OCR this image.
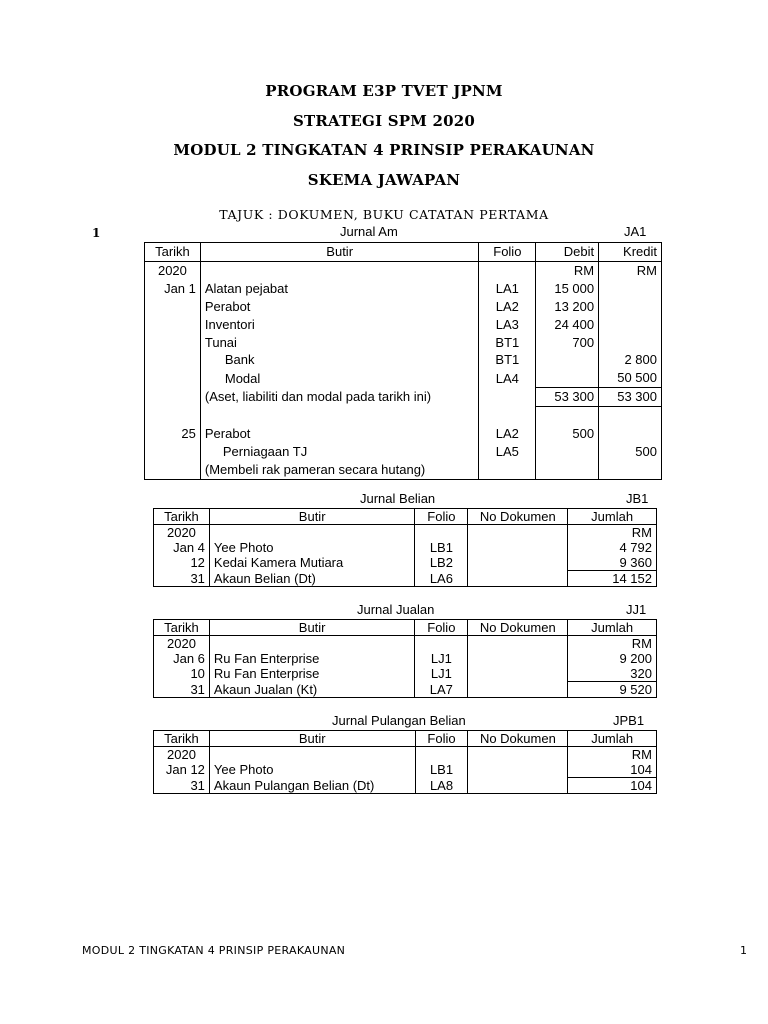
PROGRAM E3P TVET JPNM
STRATEGI SPM 2020
MODUL 2 TINGKATAN 4 PRINSIP PERAKAUNAN
SKEMA JAWAPAN
TAJUK : DOKUMEN, BUKU CATATAN PERTAMA
1	Jurnal Am	JA1
Tarikh	Butir	Folio	Debit	Kredit
2020			RM	RM
Jan 1	Alatan pejabat	LA1	15 000	
	Perabot	LA2	13 200	
	Inventori	LA3	24 400	
	Tunai	BT1	700	
	Bank	BT1		2 800
	Modal	LA4		50 500
	(Aset, liabiliti dan modal pada tarikh ini)		53 300	53 300

25	Perabot	LA2	500	
	Perniagaan TJ	LA5		500
	(Membeli rak pameran secara hutang)			
Jurnal Belian	JB1
Tarikh	Butir	Folio	No Dokumen	Jumlah
2020				RM
Jan 4	Yee Photo	LB1		4 792
12	Kedai Kamera Mutiara	LB2		9 360
31	Akaun Belian (Dt)	LA6		14 152
Jurnal Jualan	JJ1
Tarikh	Butir	Folio	No Dokumen	Jumlah
2020				RM
Jan 6	Ru Fan Enterprise	LJ1		9 200
10	Ru Fan Enterprise	LJ1		320
31	Akaun Jualan (Kt)	LA7		9 520
Jurnal Pulangan Belian	JPB1
Tarikh	Butir	Folio	No Dokumen	Jumlah
2020				RM
Jan 12	Yee Photo	LB1		104
31	Akaun Pulangan Belian (Dt)	LA8		104
MODUL 2 TINGKATAN 4 PRINSIP PERAKAUNAN	1
